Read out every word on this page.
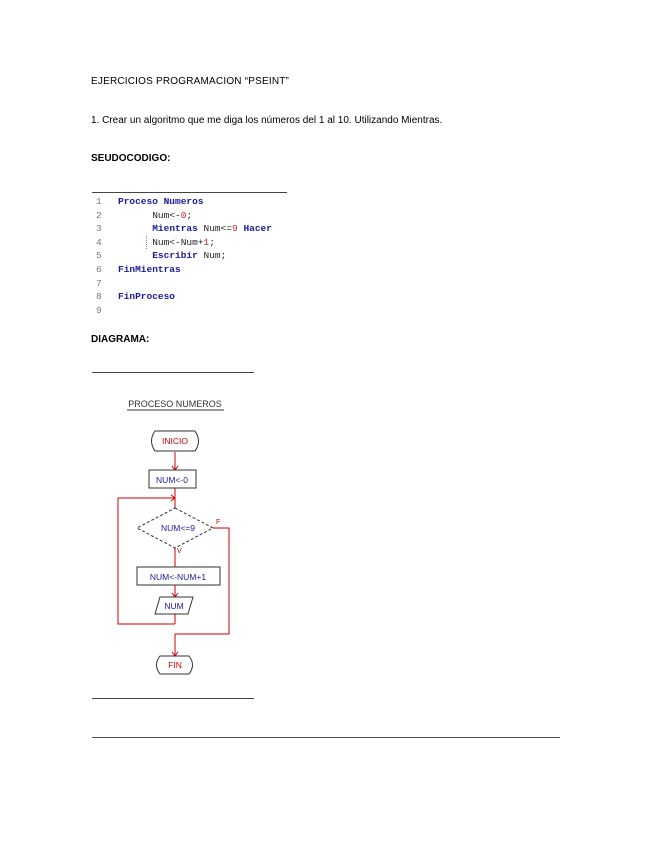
EJERCICIOS PROGRAMACION “PSEINT”
1. Crear un algoritmo que me diga los números del 1 al 10. Utilizando Mientras.
SEUDOCODIGO:
1 Proceso Numeros
2	Num<-0;
3	Mientras Num<=9 Hacer
4	Num<-Num+1;
5	Escribir Num;
6 FinMientras
7
8 FinProceso
9
DIAGRAMA:
PROCESO NUMEROS
INICIO
NUM<-0
NUM<=9
F
V
NUM<-NUM+1
NUM
FIN
